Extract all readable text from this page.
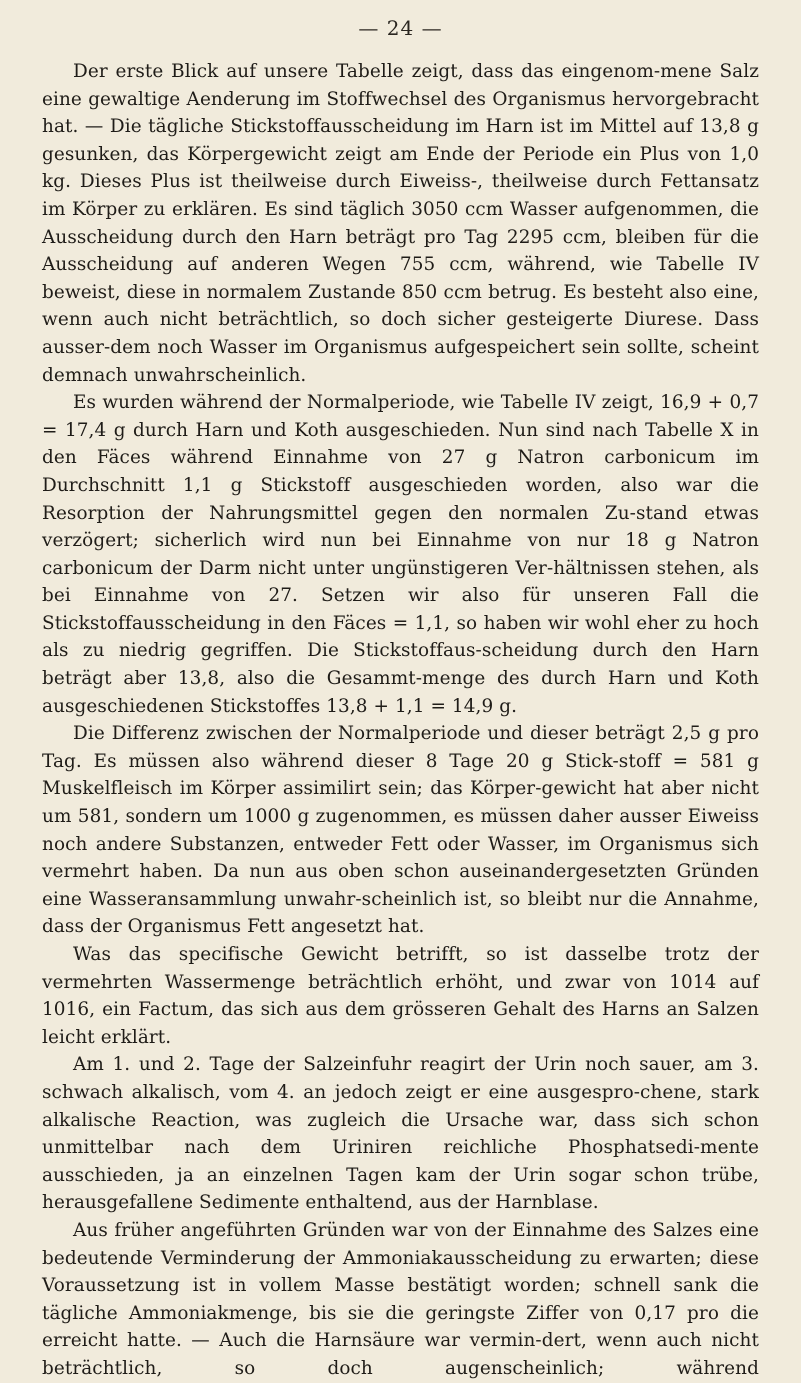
— 24 —

Der erste Blick auf unsere Tabelle zeigt, dass das eingenom-mene Salz eine gewaltige Aenderung im Stoffwechsel des Organismus hervorgebracht hat. — Die tägliche Stickstoffausscheidung im Harn ist im Mittel auf 13,8 g gesunken, das Körpergewicht zeigt am Ende der Periode ein Plus von 1,0 kg. Dieses Plus ist theilweise durch Eiweiss-, theilweise durch Fettansatz im Körper zu erklären. Es sind täglich 3050 ccm Wasser aufgenommen, die Ausscheidung durch den Harn beträgt pro Tag 2295 ccm, bleiben für die Ausscheidung auf anderen Wegen 755 ccm, während, wie Tabelle IV beweist, diese in normalem Zustande 850 ccm betrug. Es besteht also eine, wenn auch nicht beträchtlich, so doch sicher gesteigerte Diurese. Dass ausser-dem noch Wasser im Organismus aufgespeichert sein sollte, scheint demnach unwahrscheinlich.

Es wurden während der Normalperiode, wie Tabelle IV zeigt, 16,9 + 0,7 = 17,4 g durch Harn und Koth ausgeschieden. Nun sind nach Tabelle X in den Fäces während Einnahme von 27 g Natron carbonicum im Durchschnitt 1,1 g Stickstoff ausgeschieden worden, also war die Resorption der Nahrungsmittel gegen den normalen Zu-stand etwas verzögert; sicherlich wird nun bei Einnahme von nur 18 g Natron carbonicum der Darm nicht unter ungünstigeren Ver-hältnissen stehen, als bei Einnahme von 27. Setzen wir also für unseren Fall die Stickstoffausscheidung in den Fäces = 1,1, so haben wir wohl eher zu hoch als zu niedrig gegriffen. Die Stickstoffaus-scheidung durch den Harn beträgt aber 13,8, also die Gesammt-menge des durch Harn und Koth ausgeschiedenen Stickstoffes 13,8 + 1,1 = 14,9 g.

Die Differenz zwischen der Normalperiode und dieser beträgt 2,5 g pro Tag. Es müssen also während dieser 8 Tage 20 g Stick-stoff = 581 g Muskelfleisch im Körper assimilirt sein; das Körper-gewicht hat aber nicht um 581, sondern um 1000 g zugenommen, es müssen daher ausser Eiweiss noch andere Substanzen, entweder Fett oder Wasser, im Organismus sich vermehrt haben. Da nun aus oben schon auseinandergesetzten Gründen eine Wasseransammlung unwahr-scheinlich ist, so bleibt nur die Annahme, dass der Organismus Fett angesetzt hat.

Was das specifische Gewicht betrifft, so ist dasselbe trotz der vermehrten Wassermenge beträchtlich erhöht, und zwar von 1014 auf 1016, ein Factum, das sich aus dem grösseren Gehalt des Harns an Salzen leicht erklärt.

Am 1. und 2. Tage der Salzeinfuhr reagirt der Urin noch sauer, am 3. schwach alkalisch, vom 4. an jedoch zeigt er eine ausgespro-chene, stark alkalische Reaction, was zugleich die Ursache war, dass sich schon unmittelbar nach dem Uriniren reichliche Phosphatsedi-mente ausschieden, ja an einzelnen Tagen kam der Urin sogar schon trübe, herausgefallene Sedimente enthaltend, aus der Harnblase.

Aus früher angeführten Gründen war von der Einnahme des Salzes eine bedeutende Verminderung der Ammoniakausscheidung zu erwarten; diese Voraussetzung ist in vollem Masse bestätigt worden; schnell sank die tägliche Ammoniakmenge, bis sie die geringste Ziffer von 0,17 pro die erreicht hatte. — Auch die Harnsäure war vermin-dert, wenn auch nicht beträchtlich, so doch augenscheinlich; während
